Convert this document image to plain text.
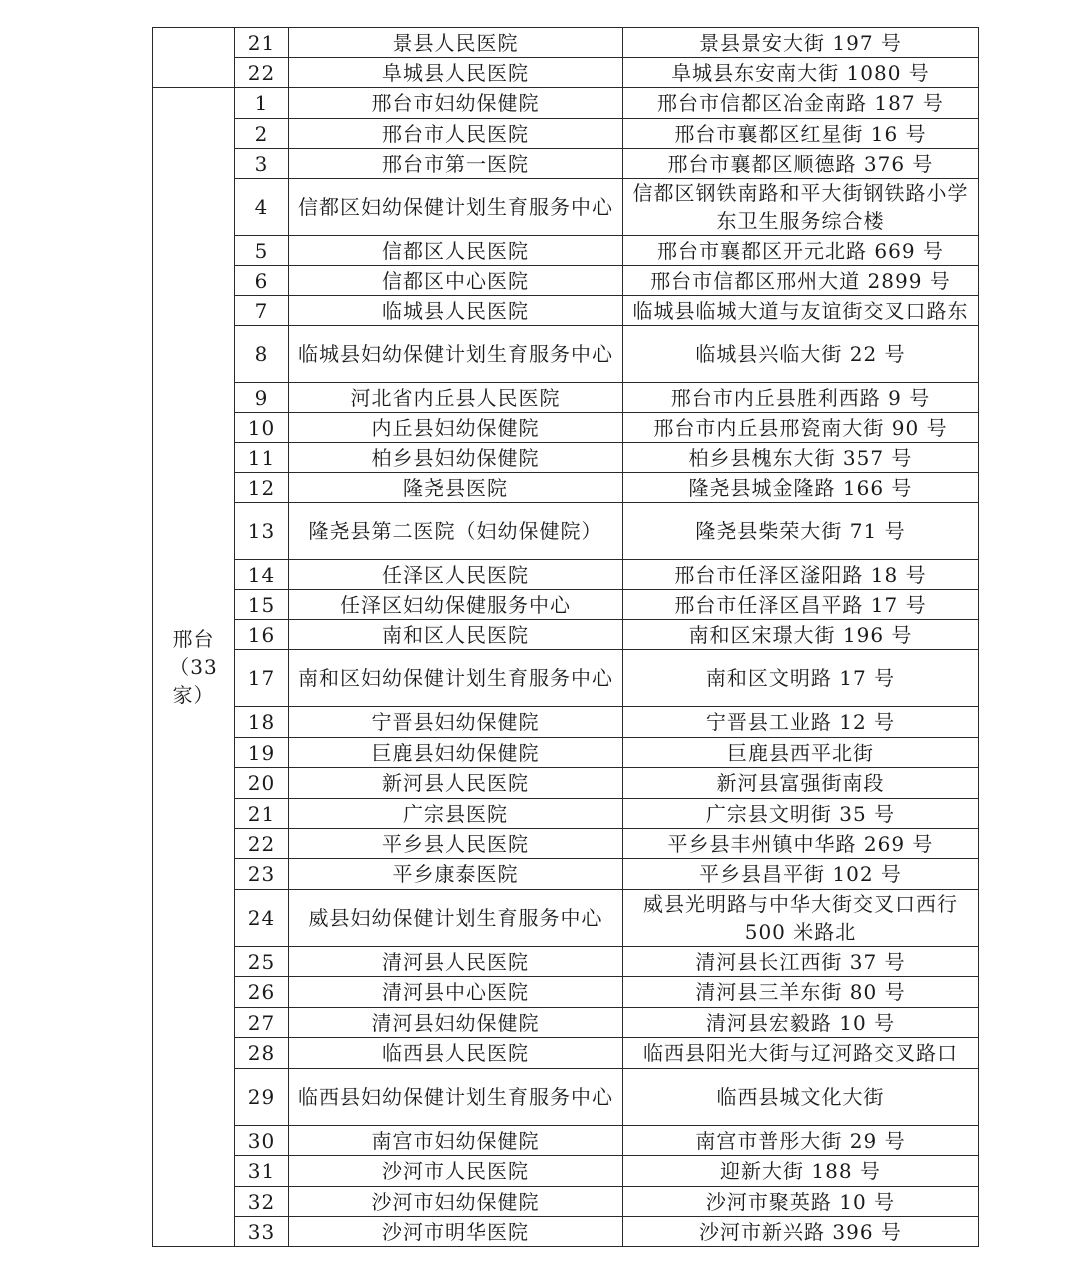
	21	景县人民医院	景县景安大街 197 号
	22	阜城县人民医院	阜城县东安南大街 1080 号

邢台
（33家）	1	邢台市妇幼保健院	邢台市信都区冶金南路 187 号
	2	邢台市人民医院	邢台市襄都区红星街 16 号
	3	邢台市第一医院	邢台市襄都区顺德路 376 号
	4	信都区妇幼保健计划生育服务中心	信都区钢铁南路和平大街钢铁路小学东卫生服务综合楼
	5	信都区人民医院	邢台市襄都区开元北路 669 号
	6	信都区中心医院	邢台市信都区邢州大道 2899 号
	7	临城县人民医院	临城县临城大道与友谊街交叉口路东
	8	临城县妇幼保健计划生育服务中心	临城县兴临大街 22 号
	9	河北省内丘县人民医院	邢台市内丘县胜利西路 9 号
	10	内丘县妇幼保健院	邢台市内丘县邢瓷南大街 90 号
	11	柏乡县妇幼保健院	柏乡县槐东大街 357 号
	12	隆尧县医院	隆尧县城金隆路 166 号
	13	隆尧县第二医院（妇幼保健院）	隆尧县柴荣大街 71 号
	14	任泽区人民医院	邢台市任泽区滏阳路 18 号
	15	任泽区妇幼保健服务中心	邢台市任泽区昌平路 17 号
	16	南和区人民医院	南和区宋璟大街 196 号
	17	南和区妇幼保健计划生育服务中心	南和区文明路 17 号
	18	宁晋县妇幼保健院	宁晋县工业路 12 号
	19	巨鹿县妇幼保健院	巨鹿县西平北街
	20	新河县人民医院	新河县富强街南段
	21	广宗县医院	广宗县文明街 35 号
	22	平乡县人民医院	平乡县丰州镇中华路 269 号
	23	平乡康泰医院	平乡县昌平街 102 号
	24	威县妇幼保健计划生育服务中心	威县光明路与中华大街交叉口西行 500 米路北
	25	清河县人民医院	清河县长江西街 37 号
	26	清河县中心医院	清河县三羊东街 80 号
	27	清河县妇幼保健院	清河县宏毅路 10 号
	28	临西县人民医院	临西县阳光大街与辽河路交叉路口
	29	临西县妇幼保健计划生育服务中心	临西县城文化大街
	30	南宫市妇幼保健院	南宫市普彤大街 29 号
	31	沙河市人民医院	迎新大街 188 号
	32	沙河市妇幼保健院	沙河市聚英路 10 号
	33	沙河市明华医院	沙河市新兴路 396 号
